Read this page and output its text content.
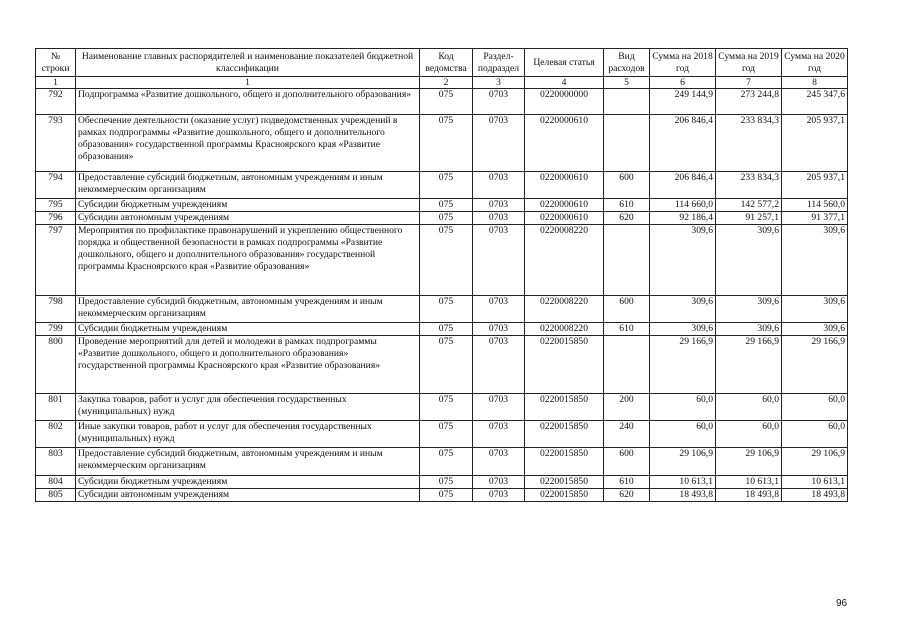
№ строки	Наименование главных распорядителей и наименование показателей бюджетной классификации	Код ведомства	Раздел-подраздел	Целевая статья	Вид расходов	Сумма на 2018 год	Сумма на 2019 год	Сумма на 2020 год
1	1	2	3	4	5	6	7	8
792	Подпрограмма «Развитие дошкольного, общего и дополнительного образования»	075	0703	0220000000		249 144,9	273 244,8	245 347,6
793	Обеспечение деятельности (оказание услуг) подведомственных учреждений в рамках подпрограммы «Развитие дошкольного, общего и дополнительного образования» государственной программы Красноярского края «Развитие образования»	075	0703	0220000610		206 846,4	233 834,3	205 937,1
794	Предоставление субсидий бюджетным, автономным учреждениям и иным некоммерческим организациям	075	0703	0220000610	600	206 846,4	233 834,3	205 937,1
795	Субсидии бюджетным учреждениям	075	0703	0220000610	610	114 660,0	142 577,2	114 560,0
796	Субсидии автономным учреждениям	075	0703	0220000610	620	92 186,4	91 257,1	91 377,1
797	Мероприятия по профилактике правонарушений и укреплению общественного порядка и общественной безопасности в рамках подпрограммы «Развитие дошкольного, общего и дополнительного образования» государственной программы Красноярского края «Развитие образования»	075	0703	0220008220		309,6	309,6	309,6
798	Предоставление субсидий бюджетным, автономным учреждениям и иным некоммерческим организациям	075	0703	0220008220	600	309,6	309,6	309,6
799	Субсидии бюджетным учреждениям	075	0703	0220008220	610	309,6	309,6	309,6
800	Проведение мероприятий для детей и молодежи в рамках подпрограммы «Развитие дошкольного, общего и дополнительного образования» государственной программы Красноярского края «Развитие образования»	075	0703	0220015850		29 166,9	29 166,9	29 166,9
801	Закупка товаров, работ и услуг для обеспечения государственных (муниципальных) нужд	075	0703	0220015850	200	60,0	60,0	60,0
802	Иные закупки товаров, работ и услуг для обеспечения государственных (муниципальных) нужд	075	0703	0220015850	240	60,0	60,0	60,0
803	Предоставление субсидий бюджетным, автономным учреждениям и иным некоммерческим организациям	075	0703	0220015850	600	29 106,9	29 106,9	29 106,9
804	Субсидии бюджетным учреждениям	075	0703	0220015850	610	10 613,1	10 613,1	10 613,1
805	Субсидии автономным учреждениям	075	0703	0220015850	620	18 493,8	18 493,8	18 493,8
96
